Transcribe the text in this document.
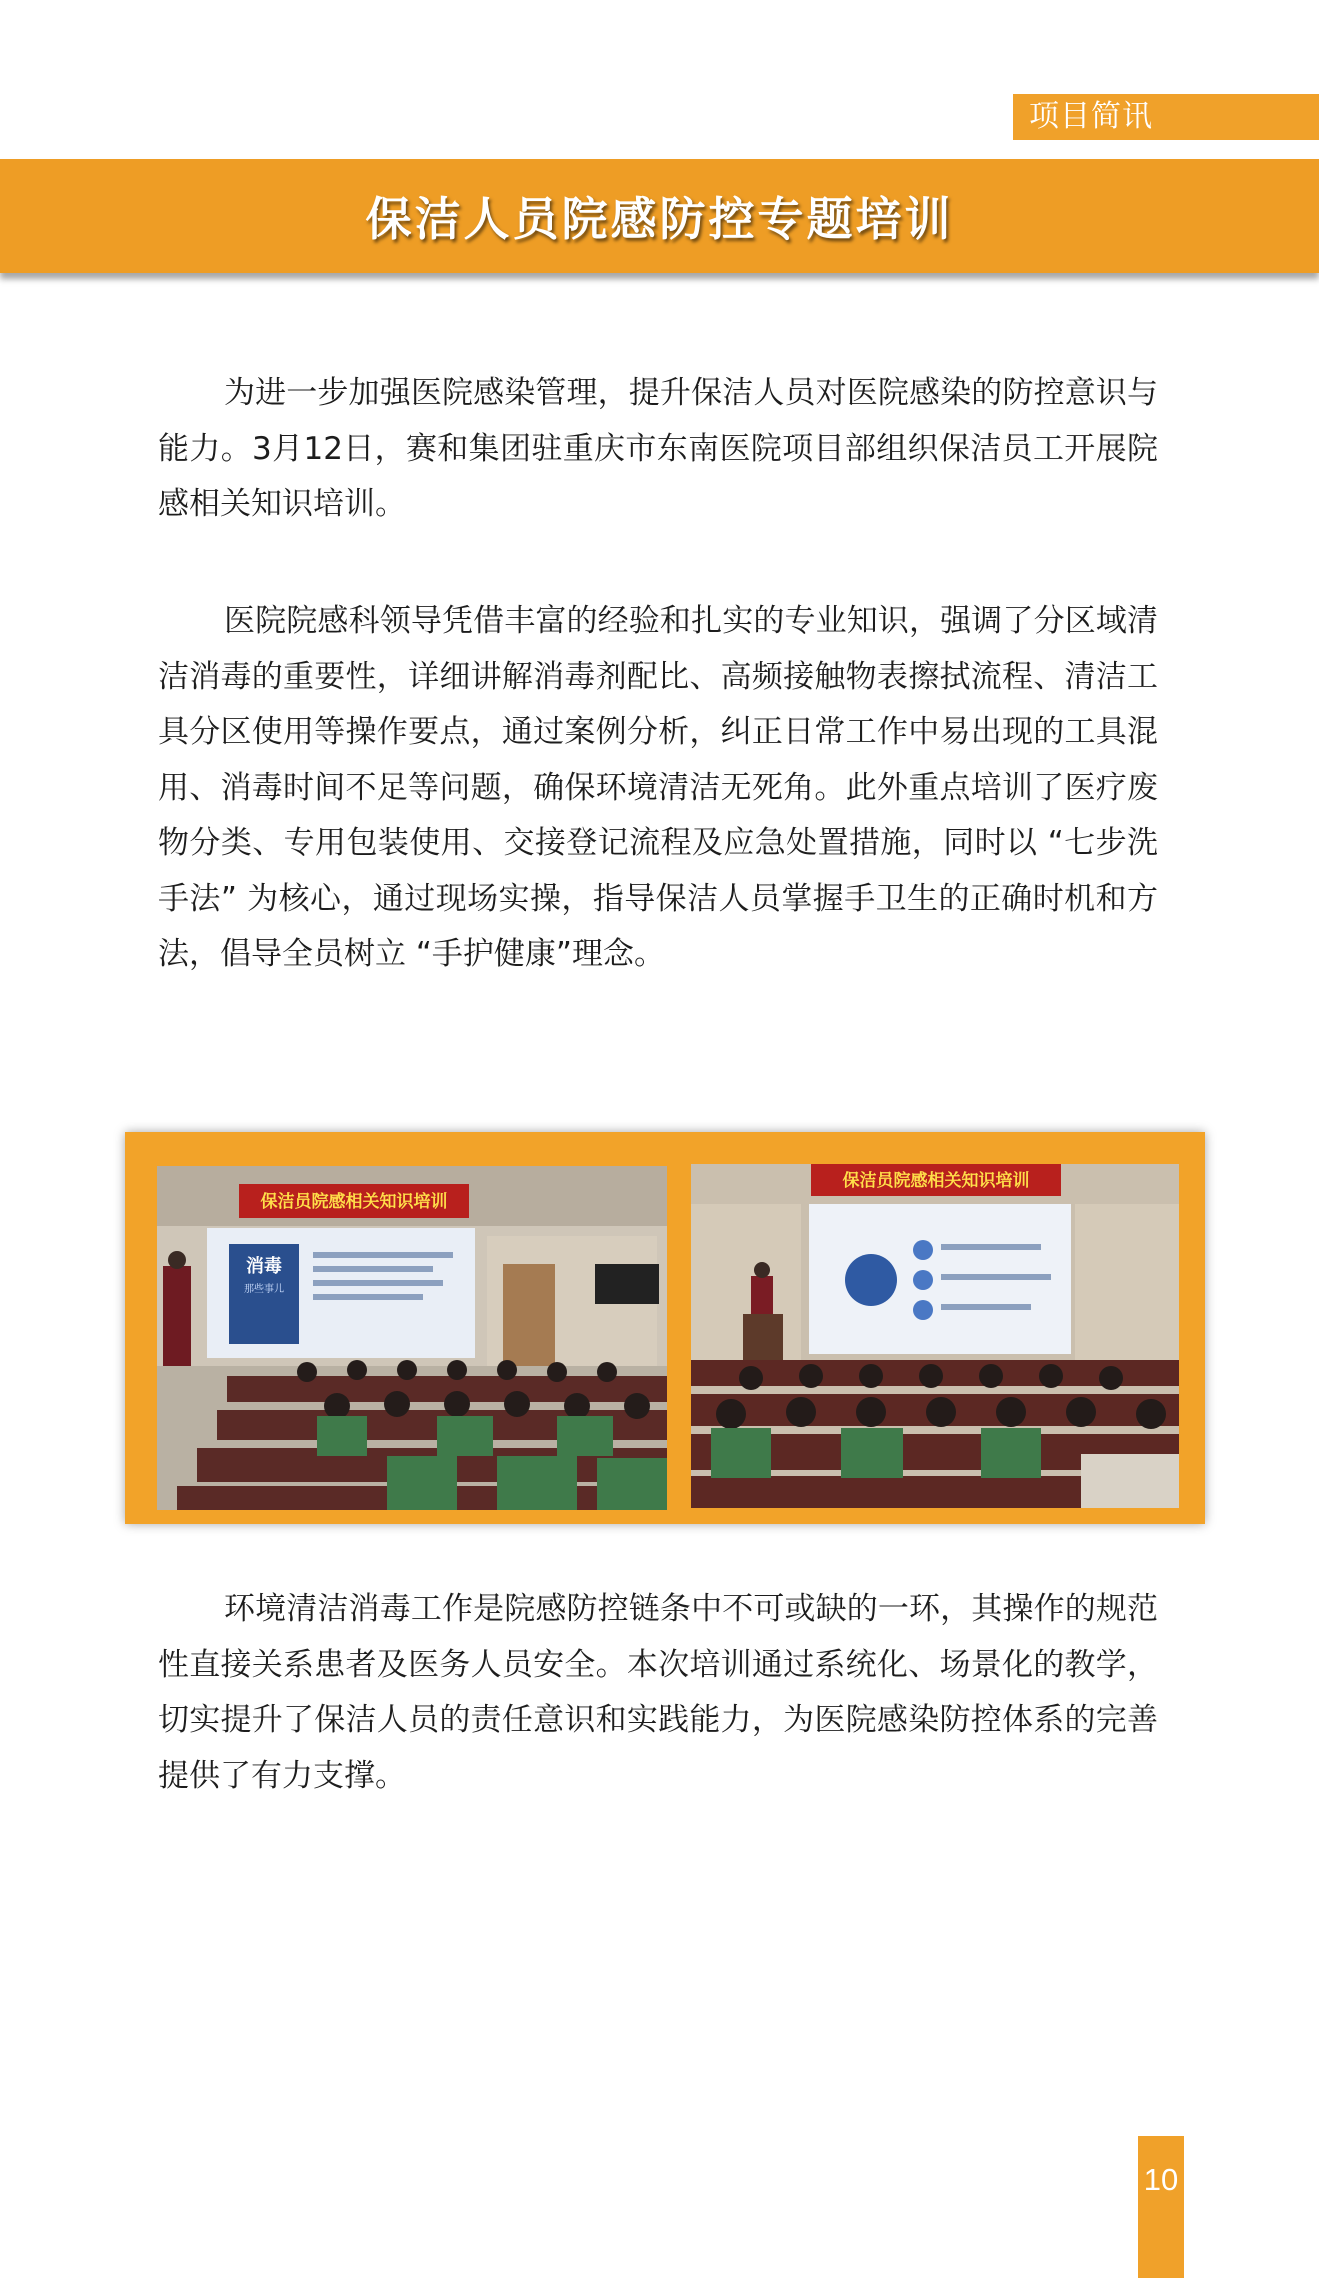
项目简讯
保洁人员院感防控专题培训

为进一步加强医院感染管理，提升保洁人员对医院感染的防控意识与能力。3月12日，赛和集团驻重庆市东南医院项目部组织保洁员工开展院感相关知识培训。

医院院感科领导凭借丰富的经验和扎实的专业知识，强调了分区域清洁消毒的重要性，详细讲解消毒剂配比、高频接触物表擦拭流程、清洁工具分区使用等操作要点，通过案例分析，纠正日常工作中易出现的工具混用、消毒时间不足等问题，确保环境清洁无死角。此外重点培训了医疗废物分类、专用包装使用、交接登记流程及应急处置措施，同时以 “七步洗手法” 为核心，通过现场实操，指导保洁人员掌握手卫生的正确时机和方法，倡导全员树立 “手护健康”理念。

保洁员院感相关知识培训
消毒
那些事儿
保洁员院感相关知识培训

环境清洁消毒工作是院感防控链条中不可或缺的一环，其操作的规范性直接关系患者及医务人员安全。本次培训通过系统化、场景化的教学，切实提升了保洁人员的责任意识和实践能力，为医院感染防控体系的完善提供了有力支撑。

10
